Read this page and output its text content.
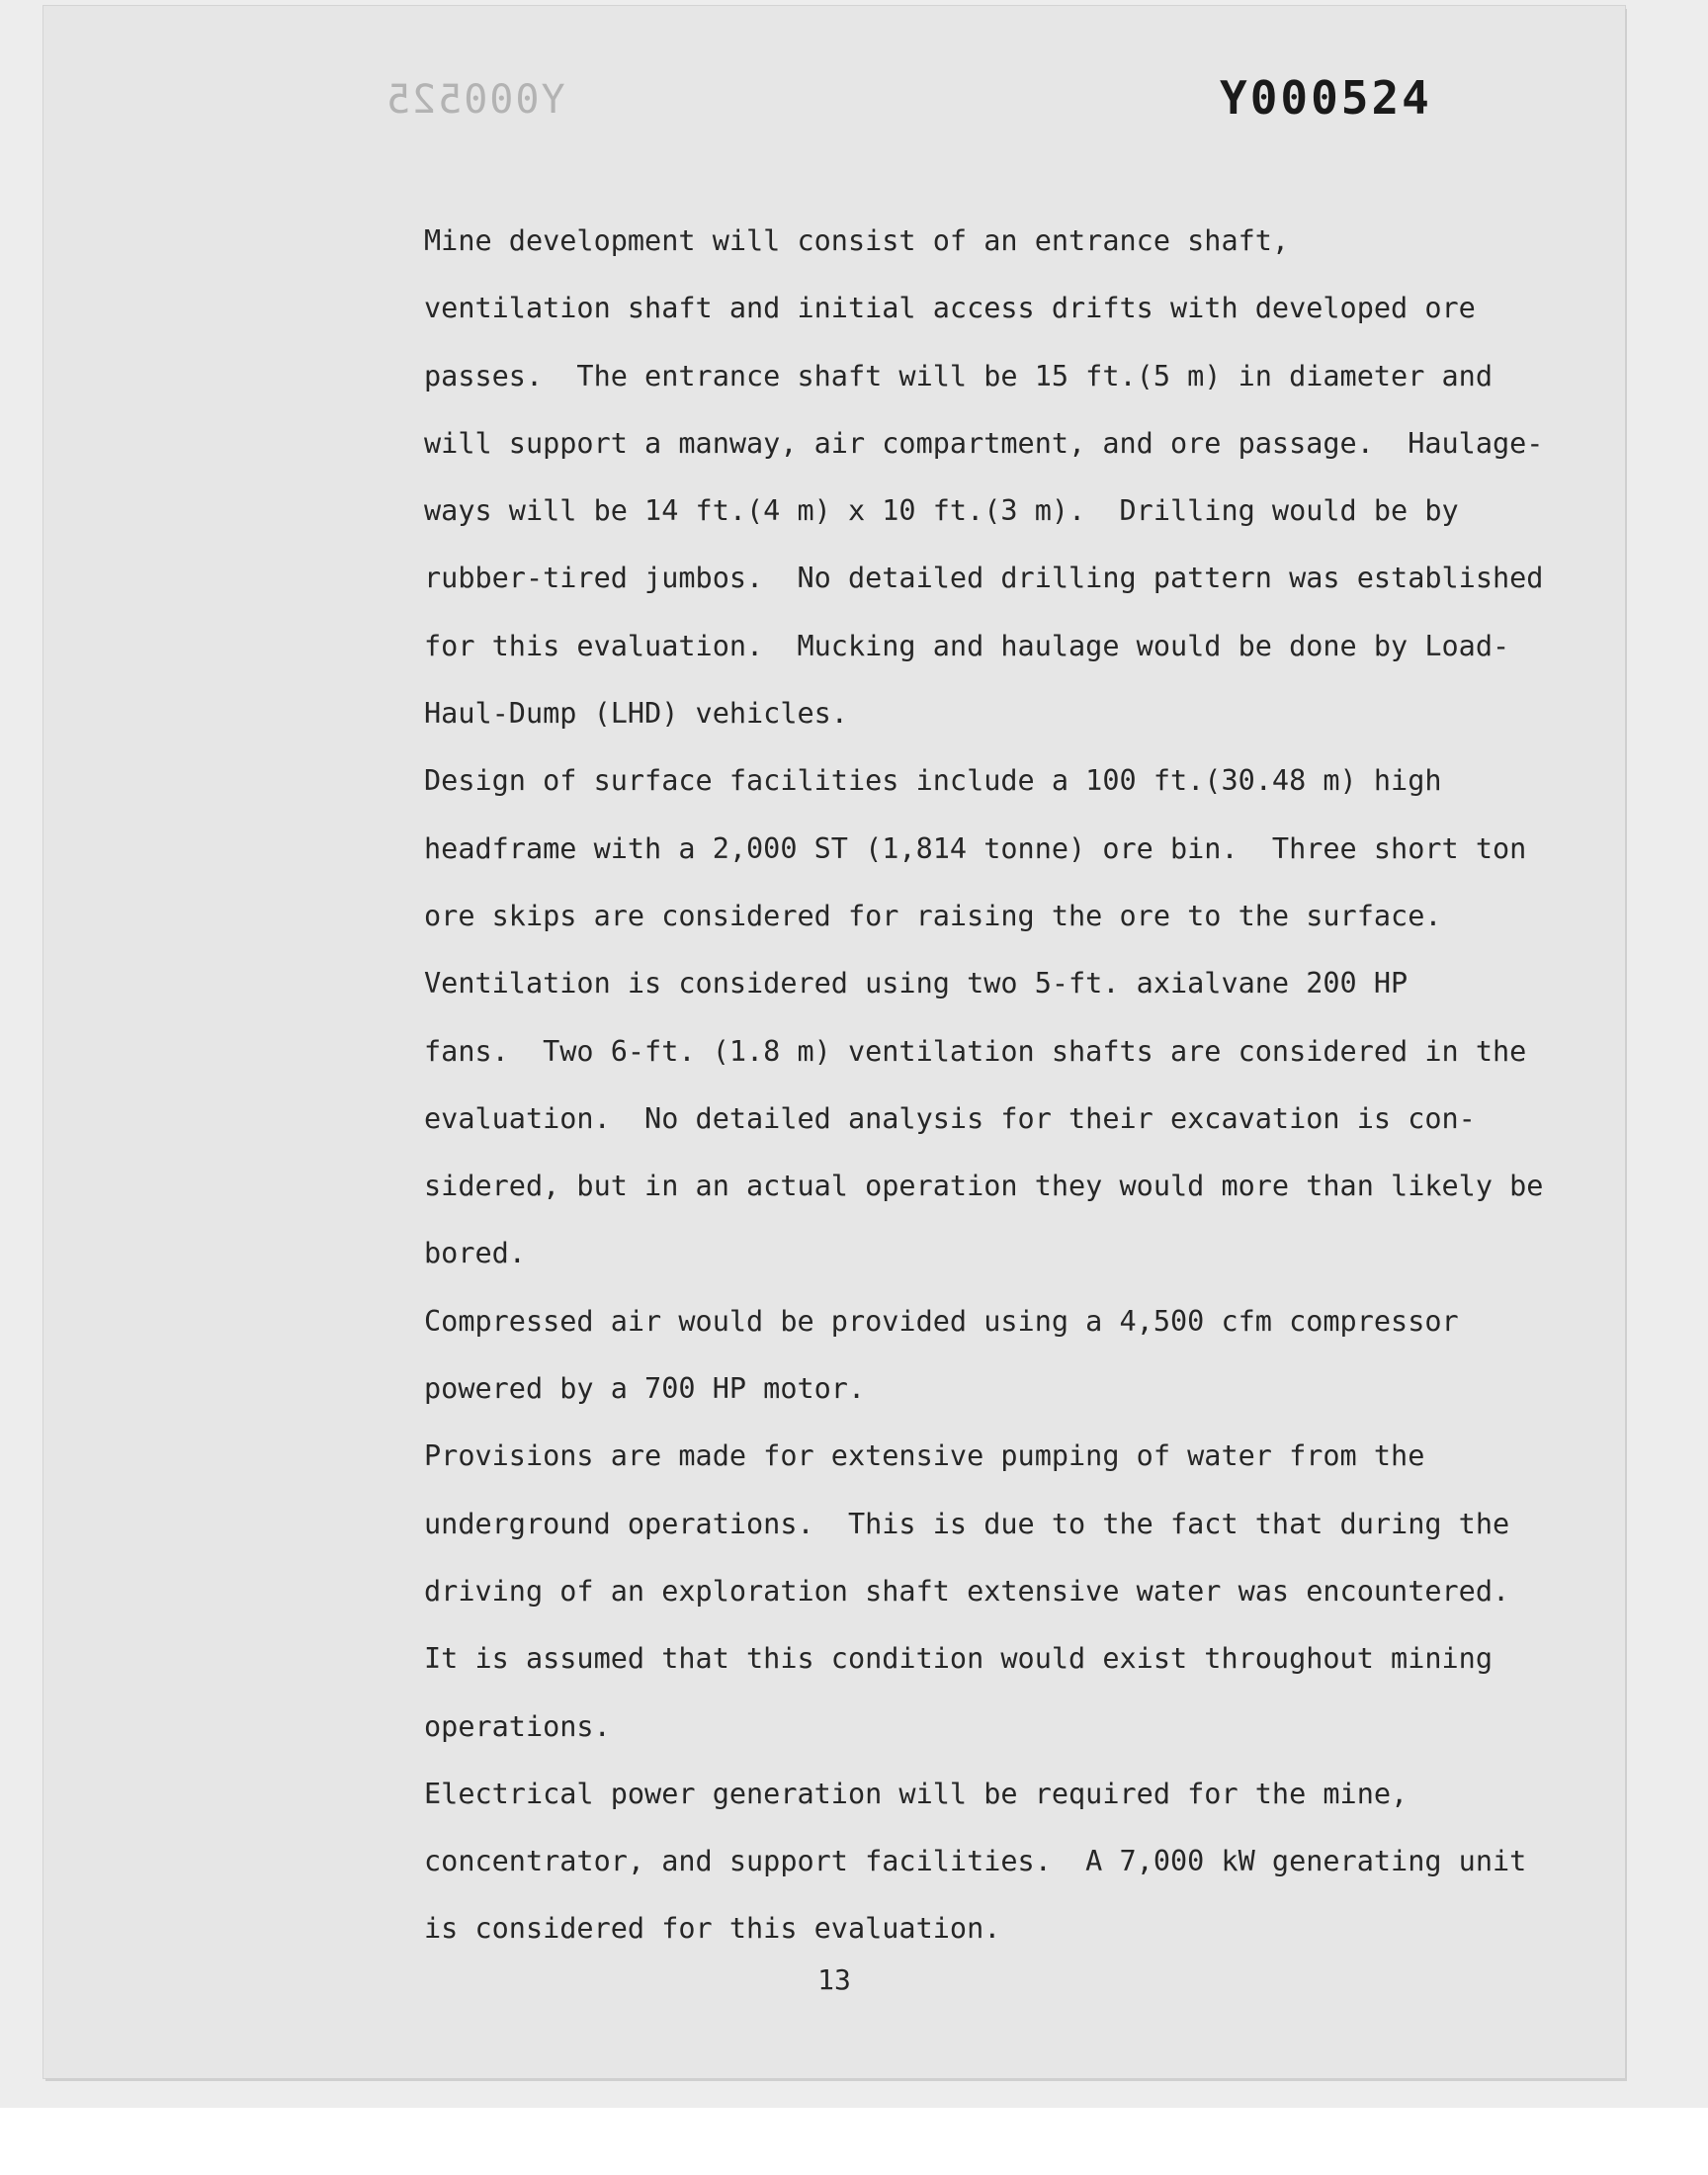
Y000525	Y000524

Mine development will consist of an entrance shaft,
ventilation shaft and initial access drifts with developed ore
passes.  The entrance shaft will be 15 ft.(5 m) in diameter and
will support a manway, air compartment, and ore passage.  Haulage-
ways will be 14 ft.(4 m) x 10 ft.(3 m).  Drilling would be by
rubber-tired jumbos.  No detailed drilling pattern was established
for this evaluation.  Mucking and haulage would be done by Load-
Haul-Dump (LHD) vehicles.

Design of surface facilities include a 100 ft.(30.48 m) high
headframe with a 2,000 ST (1,814 tonne) ore bin.  Three short ton
ore skips are considered for raising the ore to the surface.

Ventilation is considered using two 5-ft. axialvane 200 HP
fans.  Two 6-ft. (1.8 m) ventilation shafts are considered in the
evaluation.  No detailed analysis for their excavation is con-
sidered, but in an actual operation they would more than likely be
bored.

Compressed air would be provided using a 4,500 cfm compressor
powered by a 700 HP motor.

Provisions are made for extensive pumping of water from the
underground operations.  This is due to the fact that during the
driving of an exploration shaft extensive water was encountered.
It is assumed that this condition would exist throughout mining
operations.

Electrical power generation will be required for the mine,
concentrator, and support facilities.  A 7,000 kW generating unit
is considered for this evaluation.

13
